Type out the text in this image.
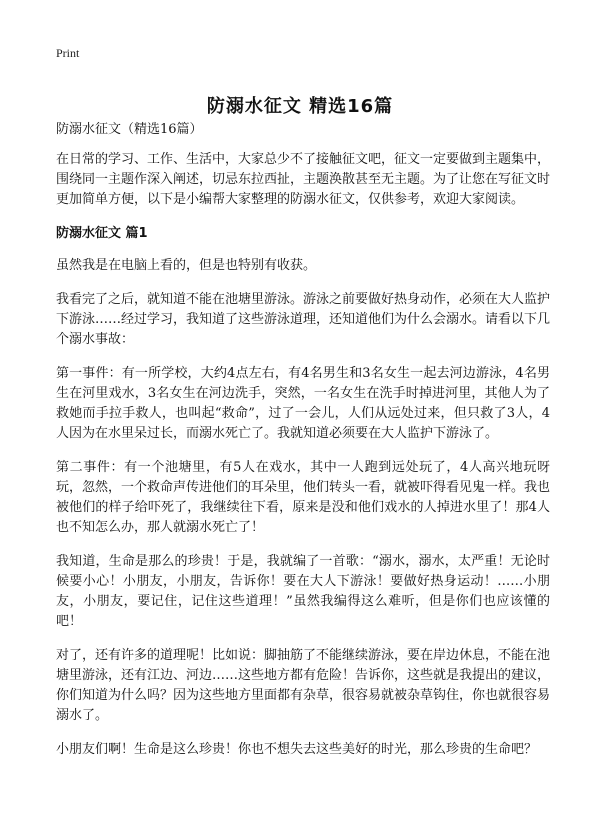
Print
防溺水征文 精选16篇

防溺水征文（精选16篇）

在日常的学习、工作、生活中，大家总少不了接触征文吧，征文一定要做到主题集中，围绕同一主题作深入阐述，切忌东拉西扯，主题涣散甚至无主题。为了让您在写征文时更加简单方便，以下是小编帮大家整理的防溺水征文，仅供参考，欢迎大家阅读。

防溺水征文 篇1

虽然我是在电脑上看的，但是也特别有收获。

我看完了之后，就知道不能在池塘里游泳。游泳之前要做好热身动作，必须在大人监护下游泳……经过学习，我知道了这些游泳道理，还知道他们为什么会溺水。请看以下几个溺水事故：

第一事件：有一所学校，大约4点左右，有4名男生和3名女生一起去河边游泳，4名男生在河里戏水，3名女生在河边洗手，突然，一名女生在洗手时掉进河里，其他人为了救她而手拉手救人，也叫起“救命”，过了一会儿，人们从远处过来，但只救了3人，4人因为在水里呆过长，而溺水死亡了。我就知道必须要在大人监护下游泳了。

第二事件：有一个池塘里，有5人在戏水，其中一人跑到远处玩了，4人高兴地玩呀玩，忽然，一个救命声传进他们的耳朵里，他们转头一看，就被吓得看见鬼一样。我也被他们的样子给吓死了，我继续往下看，原来是没和他们戏水的人掉进水里了！那4人也不知怎么办，那人就溺水死亡了！

我知道，生命是那么的珍贵！于是，我就编了一首歌：“溺水，溺水，太严重！无论时候要小心！小朋友，小朋友，告诉你！要在大人下游泳！要做好热身运动！……小朋友，小朋友，要记住，记住这些道理！”虽然我编得这么难听，但是你们也应该懂的吧！

对了，还有许多的道理呢！比如说：脚抽筋了不能继续游泳，要在岸边休息，不能在池塘里游泳，还有江边、河边……这些地方都有危险！告诉你，这些就是我提出的建议，你们知道为什么吗？因为这些地方里面都有杂草，很容易就被杂草钩住，你也就很容易溺水了。

小朋友们啊！生命是这么珍贵！你也不想失去这些美好的时光，那么珍贵的生命吧？
